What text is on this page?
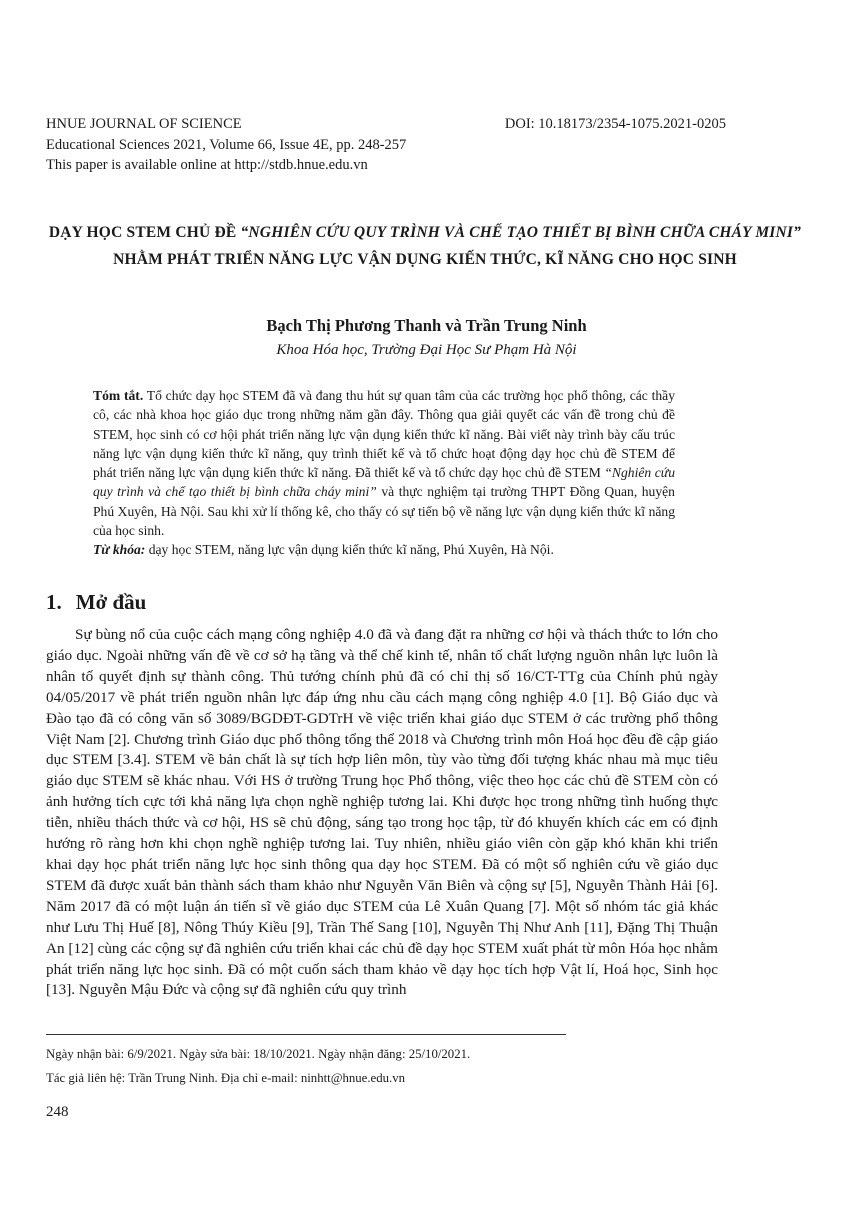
HNUE JOURNAL OF SCIENCE	DOI: 10.18173/2354-1075.2021-0205
Educational Sciences 2021, Volume 66, Issue 4E, pp. 248-257
This paper is available online at http://stdb.hnue.edu.vn
DẠY HỌC STEM CHỦ ĐỀ “NGHIÊN CỨU QUY TRÌNH VÀ CHẾ TẠO THIẾT BỊ BÌNH CHỮA CHÁY MINI” NHẰM PHÁT TRIỂN NĂNG LỰC VẬN DỤNG KIẾN THỨC, KĨ NĂNG CHO HỌC SINH
Bạch Thị Phương Thanh và Trần Trung Ninh
Khoa Hóa học, Trường Đại Học Sư Phạm Hà Nội

Tóm tắt. Tổ chức dạy học STEM đã và đang thu hút sự quan tâm của các trường học phổ thông, các thầy cô, các nhà khoa học giáo dục trong những năm gần đây. Thông qua giải quyết các vấn đề trong chủ đề STEM, học sinh có cơ hội phát triển năng lực vận dụng kiến thức kĩ năng. Bài viết này trình bày cấu trúc năng lực vận dụng kiến thức kĩ năng, quy trình thiết kế và tổ chức hoạt động dạy học chủ đề STEM để phát triển năng lực vận dụng kiến thức kĩ năng. Đã thiết kế và tổ chức dạy học chủ đề STEM “Nghiên cứu quy trình và chế tạo thiết bị bình chữa cháy mini” và thực nghiệm tại trường THPT Đồng Quan, huyện Phú Xuyên, Hà Nội. Sau khi xử lí thống kê, cho thấy có sự tiến bộ về năng lực vận dụng kiến thức kĩ năng của học sinh.

Từ khóa: dạy học STEM, năng lực vận dụng kiến thức kĩ năng, Phú Xuyên, Hà Nội.

1. Mở đầu

Sự bùng nổ của cuộc cách mạng công nghiệp 4.0 đã và đang đặt ra những cơ hội và thách thức to lớn cho giáo dục. Ngoài những vấn đề về cơ sở hạ tầng và thể chế kinh tế, nhân tố chất lượng nguồn nhân lực luôn là nhân tố quyết định sự thành công. Thủ tướng chính phủ đã có chỉ thị số 16/CT-TTg của Chính phủ ngày 04/05/2017 về phát triển nguồn nhân lực đáp ứng nhu cầu cách mạng công nghiệp 4.0 [1]. Bộ Giáo dục và Đào tạo đã có công văn số 3089/BGDĐT-GDTrH về việc triển khai giáo dục STEM ở các trường phổ thông Việt Nam [2]. Chương trình Giáo dục phổ thông tổng thể 2018 và Chương trình môn Hoá học đều đề cập giáo dục STEM [3.4]. STEM về bản chất là sự tích hợp liên môn, tùy vào từng đối tượng khác nhau mà mục tiêu giáo dục STEM sẽ khác nhau. Với HS ở trường Trung học Phổ thông, việc theo học các chủ đề STEM còn có ảnh hưởng tích cực tới khả năng lựa chọn nghề nghiệp tương lai. Khi được học trong những tình huống thực tiễn, nhiều thách thức và cơ hội, HS sẽ chủ động, sáng tạo trong học tập, từ đó khuyến khích các em có định hướng rõ ràng hơn khi chọn nghề nghiệp tương lai. Tuy nhiên, nhiều giáo viên còn gặp khó khăn khi triển khai dạy học phát triển năng lực học sinh thông qua dạy học STEM. Đã có một số nghiên cứu về giáo dục STEM đã được xuất bản thành sách tham khảo như Nguyễn Văn Biên và cộng sự [5], Nguyễn Thành Hải [6]. Năm 2017 đã có một luận án tiến sĩ về giáo dục STEM của Lê Xuân Quang [7]. Một số nhóm tác giả khác như Lưu Thị Huế [8], Nông Thúy Kiều [9], Trần Thế Sang [10], Nguyễn Thị Như Anh [11], Đặng Thị Thuận An [12] cùng các cộng sự đã nghiên cứu triển khai các chủ đề dạy học STEM xuất phát từ môn Hóa học nhằm phát triển năng lực học sinh. Đã có một cuốn sách tham khảo về dạy học tích hợp Vật lí, Hoá học, Sinh học [13]. Nguyễn Mậu Đức và cộng sự đã nghiên cứu quy trình

Ngày nhận bài: 6/9/2021. Ngày sửa bài: 18/10/2021. Ngày nhận đăng: 25/10/2021.
Tác giả liên hệ: Trần Trung Ninh. Địa chỉ e-mail: ninhtt@hnue.edu.vn
248
